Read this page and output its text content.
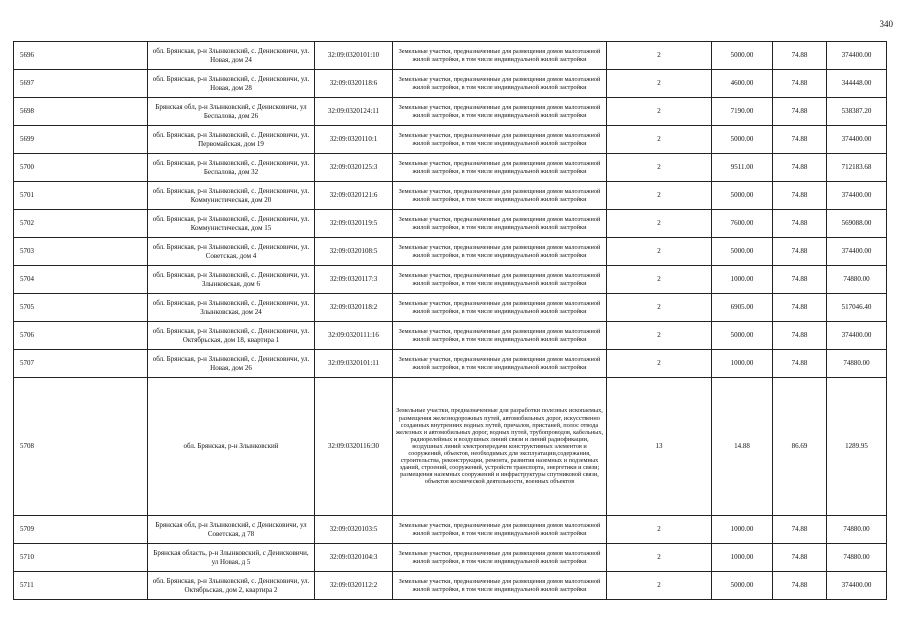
340
5696	обл. Брянская, р-н Злынковский, с. Денисковичи, ул. Новая, дом 24	32:09:0320101:10	Земельные участки, предназначенные для размещения домов малоэтажной жилой застройки, в том числе индивидуальной жилой застройки	2	5000.00	74.88	374400.00
5697	обл. Брянская, р-н Злынковский, с. Денисковичи, ул. Новая, дом 28	32:09:0320118:6	Земельные участки, предназначенные для размещения домов малоэтажной жилой застройки, в том числе индивидуальной жилой застройки	2	4600.00	74.88	344448.00
5698	Брянская обл, р-н Злынковский, с Денисковичи, ул Беспалова, дом 26	32:09:0320124:11	Земельные участки, предназначенные для размещения домов малоэтажной жилой застройки, в том числе индивидуальной жилой застройки	2	7190.00	74.88	538387.20
5699	обл. Брянская, р-н Злынковский, с. Денисковичи, ул. Первомайская, дом 19	32:09:0320110:1	Земельные участки, предназначенные для размещения домов малоэтажной жилой застройки, в том числе индивидуальной жилой застройки	2	5000.00	74.88	374400.00
5700	обл. Брянская, р-н Злынковский, с. Денисковичи, ул. Беспалова, дом 32	32:09:0320125:3	Земельные участки, предназначенные для размещения домов малоэтажной жилой застройки, в том числе индивидуальной жилой застройки	2	9511.00	74.88	712183.68
5701	обл. Брянская, р-н Злынковский, с. Денисковичи, ул. Коммунистическая, дом 20	32:09:0320121:6	Земельные участки, предназначенные для размещения домов малоэтажной жилой застройки, в том числе индивидуальной жилой застройки	2	5000.00	74.88	374400.00
5702	обл. Брянская, р-н Злынковский, с. Денисковичи, ул. Коммунистическая, дом 15	32:09:0320119:5	Земельные участки, предназначенные для размещения домов малоэтажной жилой застройки, в том числе индивидуальной жилой застройки	2	7600.00	74.88	569088.00
5703	обл. Брянская, р-н Злынковский, с. Денисковичи, ул. Советская, дом 4	32:09:0320108:5	Земельные участки, предназначенные для размещения домов малоэтажной жилой застройки, в том числе индивидуальной жилой застройки	2	5000.00	74.88	374400.00
5704	обл. Брянская, р-н Злынковский, с. Денисковичи, ул. Злынковская, дом 6	32:09:0320117:3	Земельные участки, предназначенные для размещения домов малоэтажной жилой застройки, в том числе индивидуальной жилой застройки	2	1000.00	74.88	74880.00
5705	обл. Брянская, р-н Злынковский, с. Денисковичи, ул. Злынковская, дом 24	32:09:0320118:2	Земельные участки, предназначенные для размещения домов малоэтажной жилой застройки, в том числе индивидуальной жилой застройки	2	6905.00	74.88	517046.40
5706	обл. Брянская, р-н Злынковский, с. Денисковичи, ул. Октябрьская, дом 18, квартира 1	32:09:0320111:16	Земельные участки, предназначенные для размещения домов малоэтажной жилой застройки, в том числе индивидуальной жилой застройки	2	5000.00	74.88	374400.00
5707	обл. Брянская, р-н Злынковский, с. Денисковичи, ул. Новая, дом 26	32:09:0320101:11	Земельные участки, предназначенные для размещения домов малоэтажной жилой застройки, в том числе индивидуальной жилой застройки	2	1000.00	74.88	74880.00
5708	обл. Брянская, р-н Злынковский	32:09:0320116:30	Земельные участки, предназначенные для разработки полезных ископаемых, размещения железнодорожных путей, автомобильных дорог, искусственно созданных внутренних водных путей, причалов, пристаней, полос отвода железных и автомобильных дорог, водных путей, трубопроводов, кабельных, радиорелейных и воздушных линий связи и линий радиофикации, воздушных линий электропередачи конструктивных элементов и сооружений, объектов, необходимых для эксплуатации,содержания, строительства, реконструкции, ремонта, развития наземных и подземных зданий, строений, сооружений, устройств транспорта, энергетики и связи; размещения наземных сооружений и инфраструктуры спутниковой связи, объектов космической деятельности, военных объектов	13	14.88	86.69	1289.95
5709	Брянская обл, р-н Злынковский, с Денисковичи, ул Советская, д 78	32:09:0320103:5	Земельные участки, предназначенные для размещения домов малоэтажной жилой застройки, в том числе индивидуальной жилой застройки	2	1000.00	74.88	74880.00
5710	Брянская область, р-н Злынковский, с Денисковичи, ул Новая, д 5	32:09:0320104:3	Земельные участки, предназначенные для размещения домов малоэтажной жилой застройки, в том числе индивидуальной жилой застройки	2	1000.00	74.88	74880.00
5711	обл. Брянская, р-н Злынковский, с. Денисковичи, ул. Октябрьская, дом 2, квартира 2	32:09:0320112:2	Земельные участки, предназначенные для размещения домов малоэтажной жилой застройки, в том числе индивидуальной жилой застройки	2	5000.00	74.88	374400.00
